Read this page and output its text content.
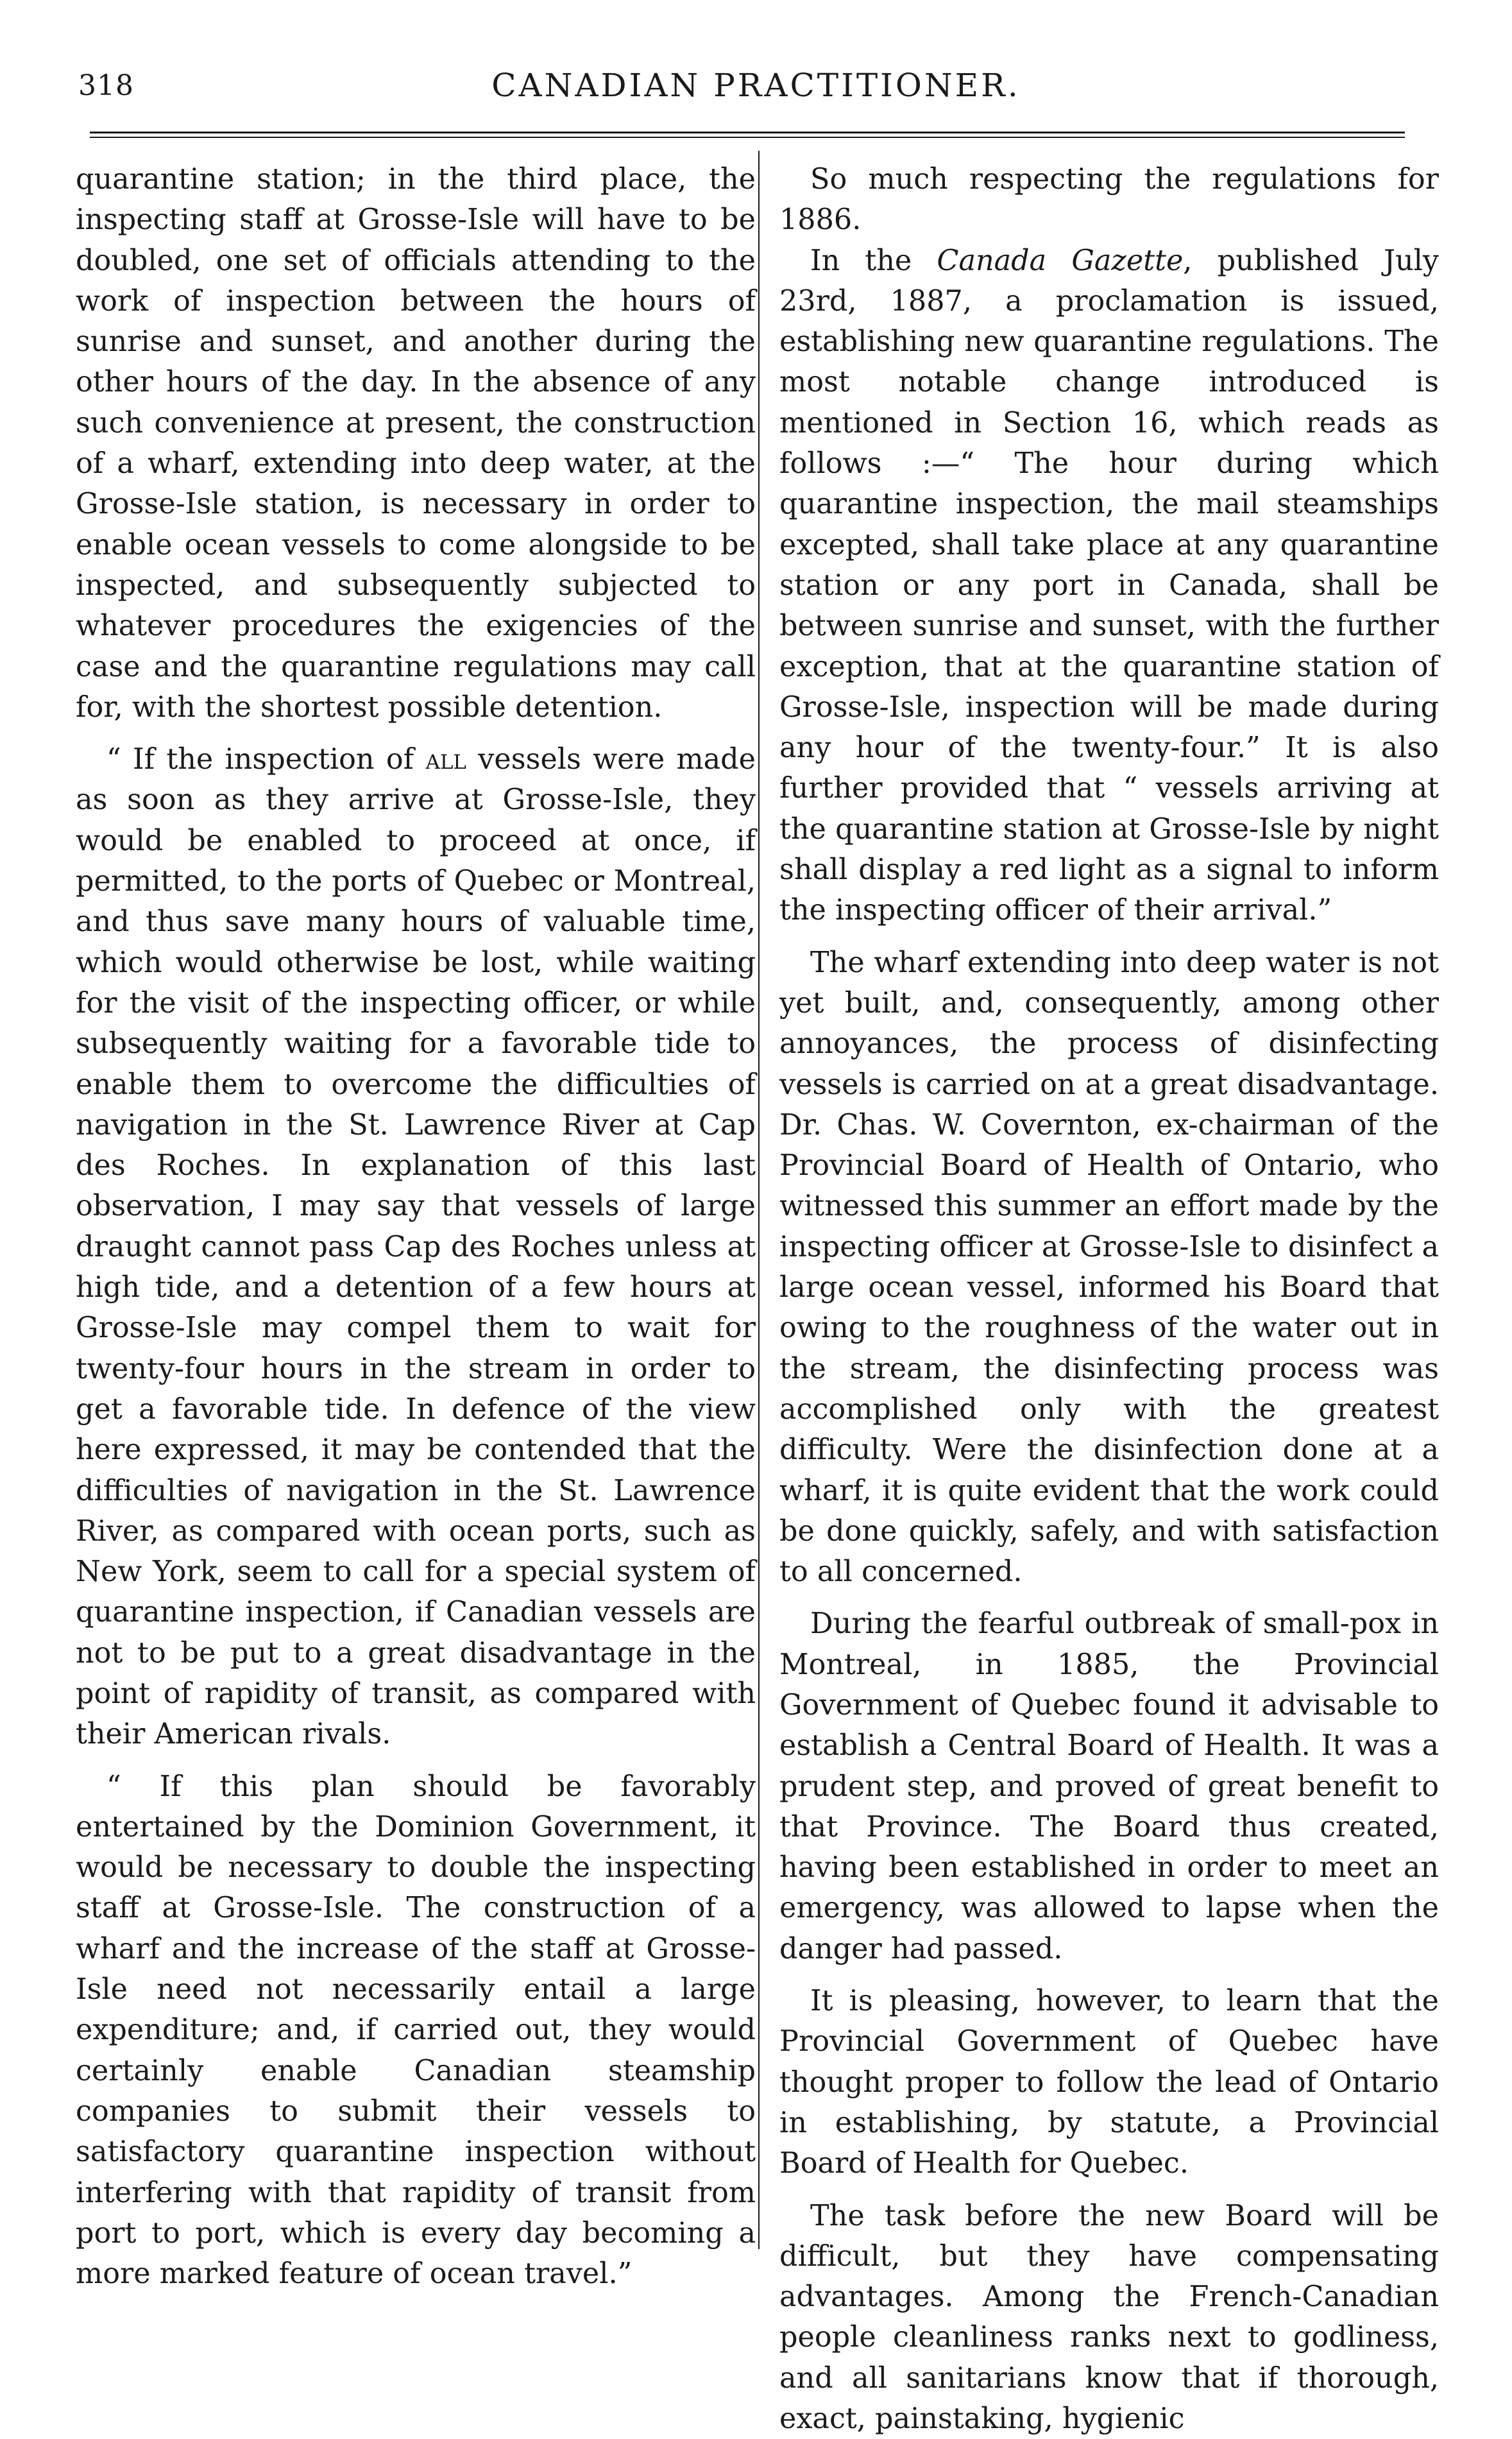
318	CANADIAN PRACTITIONER.

quarantine station; in the third place, the inspecting staff at Grosse-Isle will have to be doubled, one set of officials attending to the work of inspection between the hours of sunrise and sunset, and another during the other hours of the day. In the absence of any such convenience at present, the construction of a wharf, extending into deep water, at the Grosse-Isle station, is necessary in order to enable ocean vessels to come alongside to be inspected, and subsequently subjected to whatever procedures the exigencies of the case and the quarantine regulations may call for, with the shortest possible detention.

“ If the inspection of all vessels were made as soon as they arrive at Grosse-Isle, they would be enabled to proceed at once, if permitted, to the ports of Quebec or Montreal, and thus save many hours of valuable time, which would otherwise be lost, while waiting for the visit of the inspecting officer, or while subsequently waiting for a favorable tide to enable them to overcome the difficulties of navigation in the St. Lawrence River at Cap des Roches. In explanation of this last observation, I may say that vessels of large draught cannot pass Cap des Roches unless at high tide, and a detention of a few hours at Grosse-Isle may compel them to wait for twenty-four hours in the stream in order to get a favorable tide. In defence of the view here expressed, it may be contended that the difficulties of navigation in the St. Lawrence River, as compared with ocean ports, such as New York, seem to call for a special system of quarantine inspection, if Canadian vessels are not to be put to a great disadvantage in the point of rapidity of transit, as compared with their American rivals.

“ If this plan should be favorably entertained by the Dominion Government, it would be necessary to double the inspecting staff at Grosse-Isle. The construction of a wharf and the increase of the staff at Grosse-Isle need not necessarily entail a large expenditure; and, if carried out, they would certainly enable Canadian steamship companies to submit their vessels to satisfactory quarantine inspection without interfering with that rapidity of transit from port to port, which is every day becoming a more marked feature of ocean travel.”

So much respecting the regulations for 1886.

In the Canada Gazette, published July 23rd, 1887, a proclamation is issued, establishing new quarantine regulations. The most notable change introduced is mentioned in Section 16, which reads as follows :—“ The hour during which quarantine inspection, the mail steamships excepted, shall take place at any quarantine station or any port in Canada, shall be between sunrise and sunset, with the further exception, that at the quarantine station of Grosse-Isle, inspection will be made during any hour of the twenty-four.” It is also further provided that “ vessels arriving at the quarantine station at Grosse-Isle by night shall display a red light as a signal to inform the inspecting officer of their arrival.”

The wharf extending into deep water is not yet built, and, consequently, among other annoyances, the process of disinfecting vessels is carried on at a great disadvantage. Dr. Chas. W. Covernton, ex-chairman of the Provincial Board of Health of Ontario, who witnessed this summer an effort made by the inspecting officer at Grosse-Isle to disinfect a large ocean vessel, informed his Board that owing to the roughness of the water out in the stream, the disinfecting process was accomplished only with the greatest difficulty. Were the disinfection done at a wharf, it is quite evident that the work could be done quickly, safely, and with satisfaction to all concerned.

During the fearful outbreak of small-pox in Montreal, in 1885, the Provincial Government of Quebec found it advisable to establish a Central Board of Health. It was a prudent step, and proved of great benefit to that Province. The Board thus created, having been established in order to meet an emergency, was allowed to lapse when the danger had passed.

It is pleasing, however, to learn that the Provincial Government of Quebec have thought proper to follow the lead of Ontario in establishing, by statute, a Provincial Board of Health for Quebec.

The task before the new Board will be difficult, but they have compensating advantages. Among the French-Canadian people cleanliness ranks next to godliness, and all sanitarians know that if thorough, exact, painstaking, hygienic
